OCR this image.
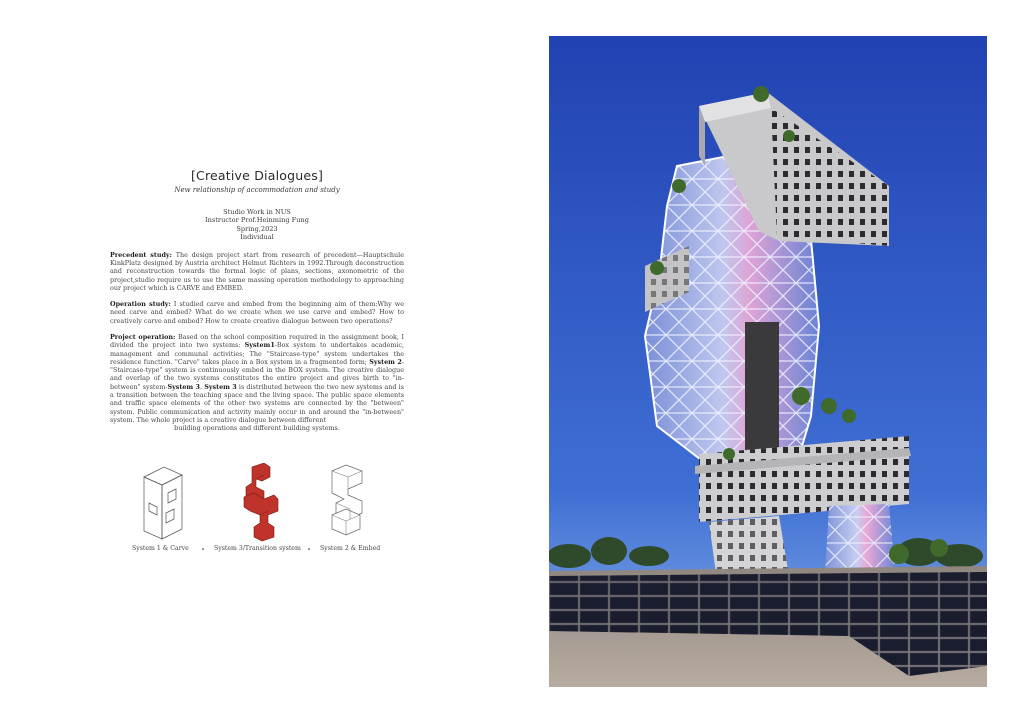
[Creative Dialogues]
New relationship of accommodation and study
Studio Work in NUS
Instructor Prof.Heinming Fung
Spring,2023
Individual

Precedent study: The design project start from research of precedent—Hauptschule KinkPlatz designed by Austria architect Helmut Richters in 1992.Through deconstruction and reconstruction towards the formal logic of plans, sections, axonometric of the project,studio require us to use the same massing operation methodology to approaching our project which is CARVE and EMBED.

Operation study: I studied carve and embed from the beginning aim of them:Why we need carve and embed? What do we create when we use carve and embed? How to creatively carve and embed? How to create creative dialogue between two operations?

Project operation: Based on the school composition required in the assignment book, I divided the project into two systems: System1-Box system to undertakes academic, management and communal activities; The "Staircase-type" system undertakes the residence function. "Carve" takes place in a Box system in a fragmented form; System 2-"Staircase-type" system is continuously embed in the BOX system. The creative dialogue and overlap of the two systems constitutes the entire project and gives birth to "in-between" system-System 3. System 3 is distributed between the two new systems and is a transition between the teaching space and the living space. The public space elements and traffic space elements of the other two systems are connected by the "between" system. Public communication and activity mainly occur in and around the "in-between" system. The whole project is a creative dialogue between different
building operations and different building systems.

System 1 & Carve	System 3/Transition system	System 2 & Embed
